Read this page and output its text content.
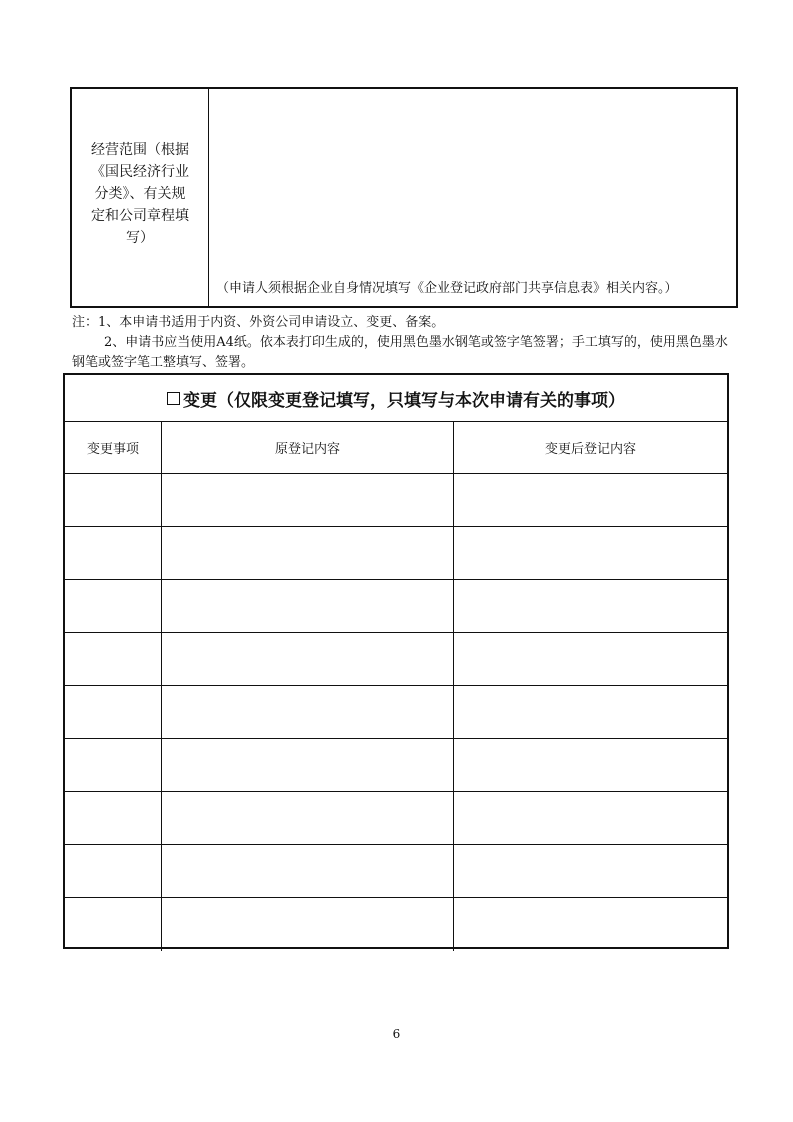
经营范围（根据《国民经济行业分类》、有关规定和公司章程填写）
（申请人须根据企业自身情况填写《企业登记政府部门共享信息表》相关内容。）
注：1、本申请书适用于内资、外资公司申请设立、变更、备案。
2、申请书应当使用A4纸。依本表打印生成的，使用黑色墨水钢笔或签字笔签署；手工填写的，使用黑色墨水钢笔或签字笔工整填写、签署。
变更（仅限变更登记填写，只填写与本次申请有关的事项）
变更事项	原登记内容	变更后登记内容
6
